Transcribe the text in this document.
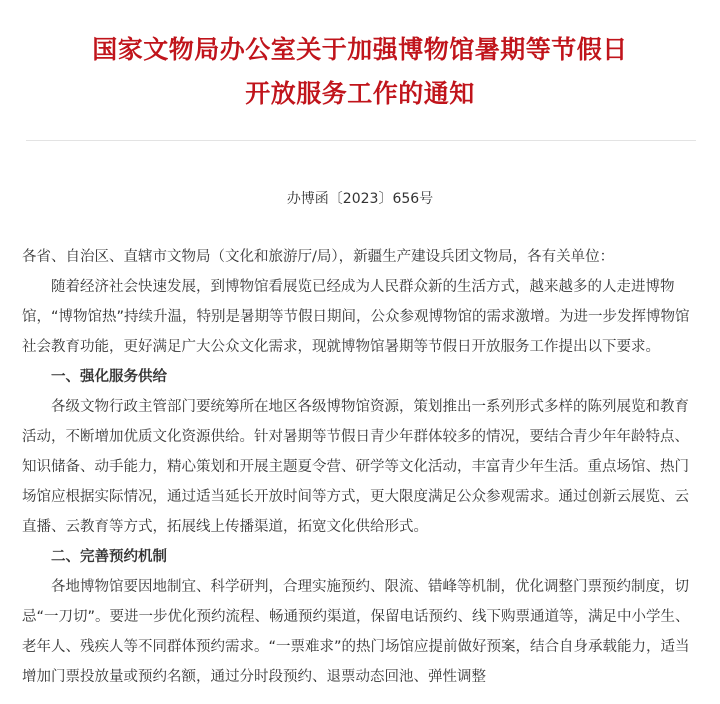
国家文物局办公室关于加强博物馆暑期等节假日
开放服务工作的通知
办博函〔2023〕656号

各省、自治区、直辖市文物局（文化和旅游厅/局），新疆生产建设兵团文物局，各有关单位：

随着经济社会快速发展，到博物馆看展览已经成为人民群众新的生活方式，越来越多的人走进博物馆，“博物馆热”持续升温，特别是暑期等节假日期间，公众参观博物馆的需求激增。为进一步发挥博物馆社会教育功能，更好满足广大公众文化需求，现就博物馆暑期等节假日开放服务工作提出以下要求。

一、强化服务供给

各级文物行政主管部门要统筹所在地区各级博物馆资源，策划推出一系列形式多样的陈列展览和教育活动，不断增加优质文化资源供给。针对暑期等节假日青少年群体较多的情况，要结合青少年年龄特点、知识储备、动手能力，精心策划和开展主题夏令营、研学等文化活动，丰富青少年生活。重点场馆、热门场馆应根据实际情况，通过适当延长开放时间等方式，更大限度满足公众参观需求。通过创新云展览、云直播、云教育等方式，拓展线上传播渠道，拓宽文化供给形式。

二、完善预约机制

各地博物馆要因地制宜、科学研判，合理实施预约、限流、错峰等机制，优化调整门票预约制度，切忌“一刀切”。要进一步优化预约流程、畅通预约渠道，保留电话预约、线下购票通道等，满足中小学生、老年人、残疾人等不同群体预约需求。“一票难求”的热门场馆应提前做好预案，结合自身承载能力，适当增加门票投放量或预约名额，通过分时段预约、退票动态回池、弹性调整
